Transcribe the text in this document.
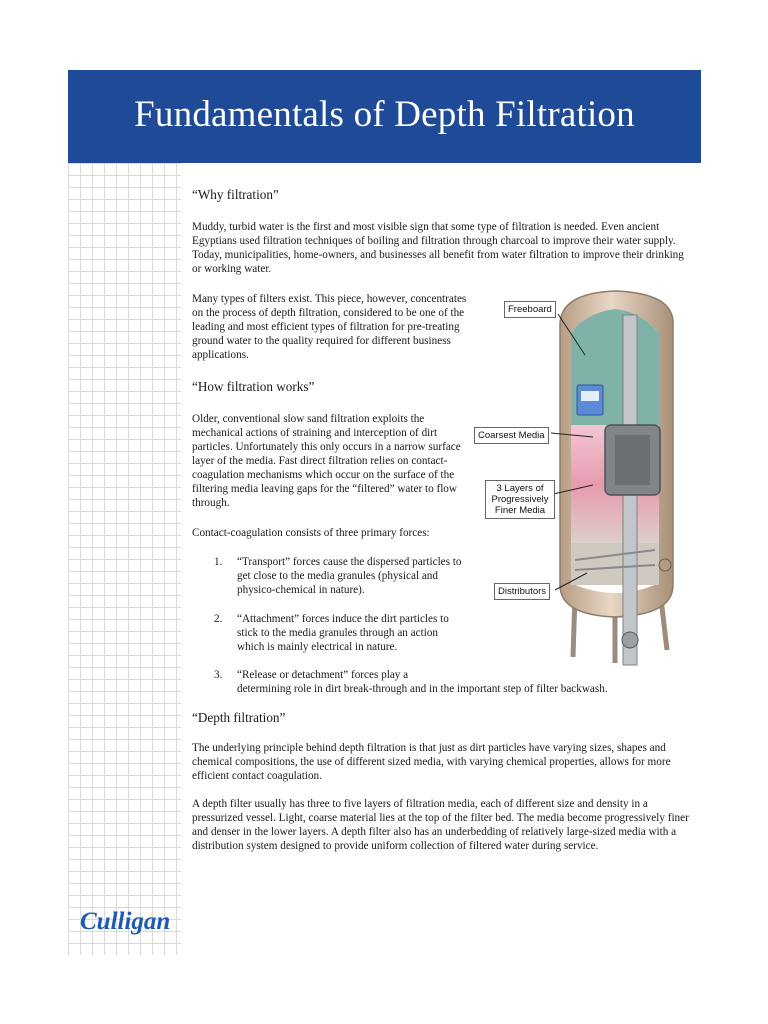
Fundamentals of Depth Filtration
Culligan
“Why filtration”
Muddy, turbid water is the first and most visible sign that some type of filtration is needed. Even ancient Egyptians used filtration techniques of boiling and filtration through charcoal to improve their water supply. Today, municipalities, home-owners, and businesses all benefit from water filtration to improve their drinking or working water.
Many types of filters exist. This piece, however, concentrates on the process of depth filtration, considered to be one of the leading and most efficient types of filtration for pre-treating ground water to the quality required for different business applications.
“How filtration works”
Older, conventional slow sand filtration exploits the mechanical actions of straining and interception of dirt particles. Unfortunately this only occurs in a narrow surface layer of the media. Fast direct filtration relies on contact-coagulation mechanisms which occur on the surface of the filtering media leaving gaps for the “filtered” water to flow through.
Contact-coagulation consists of three primary forces:
1.	“Transport” forces cause the dispersed particles to get close to the media granules (physical and physico-chemical in nature).
2.	“Attachment” forces induce the dirt particles to stick to the media granules through an action which is mainly electrical in nature.
3.	“Release or detachment” forces play a
determining role in dirt break-through and in the important step of filter backwash.
“Depth filtration”
The underlying principle behind depth filtration is that just as dirt particles have varying sizes, shapes and chemical compositions, the use of different sized media, with varying chemical properties, allows for more efficient contact coagulation.
A depth filter usually has three to five layers of filtration media, each of different size and density in a pressurized vessel. Light, coarse material lies at the top of the filter bed. The media become progressively finer and denser in the lower layers. A depth filter also has an underbedding of relatively large-sized media with a distribution system designed to provide uniform collection of filtered water during service.
Freeboard
Coarsest Media
3 Layers of Progressively Finer Media
Distributors
